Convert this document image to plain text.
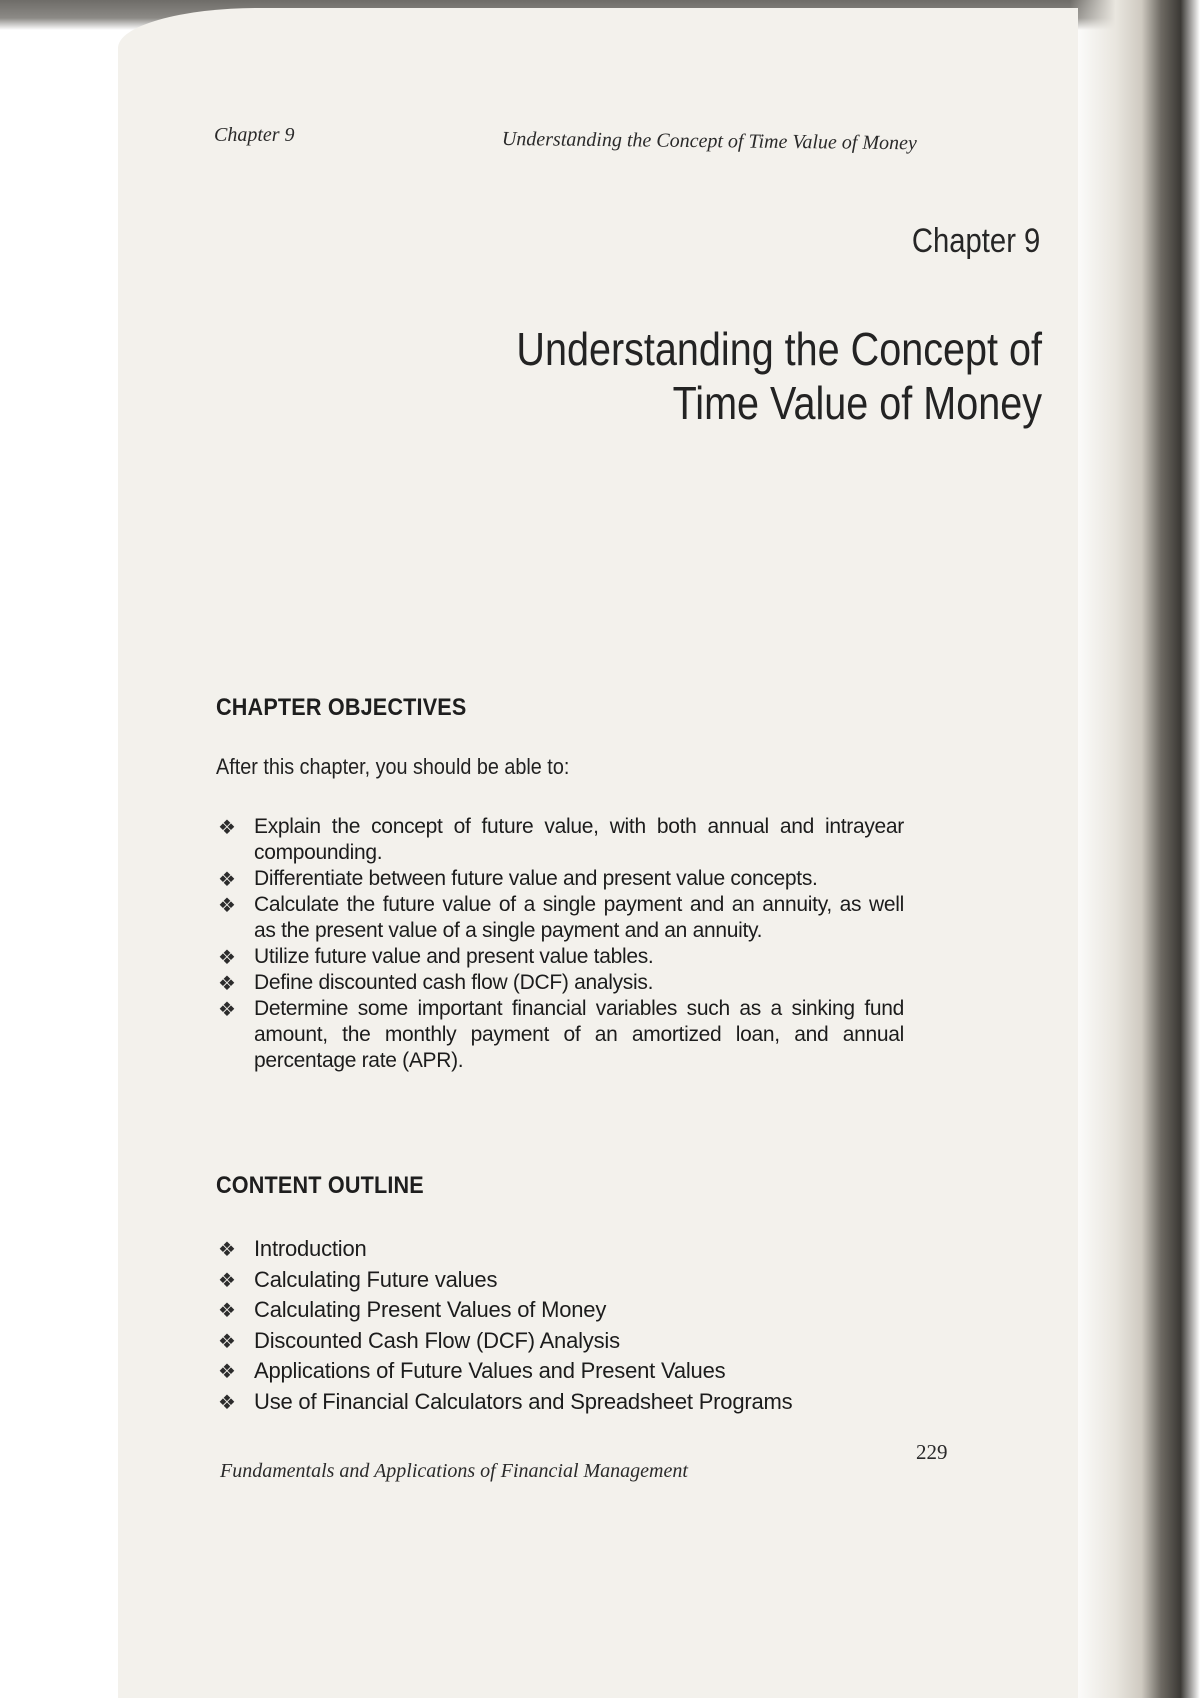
Chapter 9	Understanding the Concept of Time Value of Money
Chapter 9
Understanding the Concept of
Time Value of Money
CHAPTER OBJECTIVES
After this chapter, you should be able to:
❖ Explain the concept of future value, with both annual and intrayear compounding.
❖ Differentiate between future value and present value concepts.
❖ Calculate the future value of a single payment and an annuity, as well as the present value of a single payment and an annuity.
❖ Utilize future value and present value tables.
❖ Define discounted cash flow (DCF) analysis.
❖ Determine some important financial variables such as a sinking fund amount, the monthly payment of an amortized loan, and annual percentage rate (APR).
CONTENT OUTLINE
❖ Introduction
❖ Calculating Future values
❖ Calculating Present Values of Money
❖ Discounted Cash Flow (DCF) Analysis
❖ Applications of Future Values and Present Values
❖ Use of Financial Calculators and Spreadsheet Programs
Fundamentals and Applications of Financial Management
229
